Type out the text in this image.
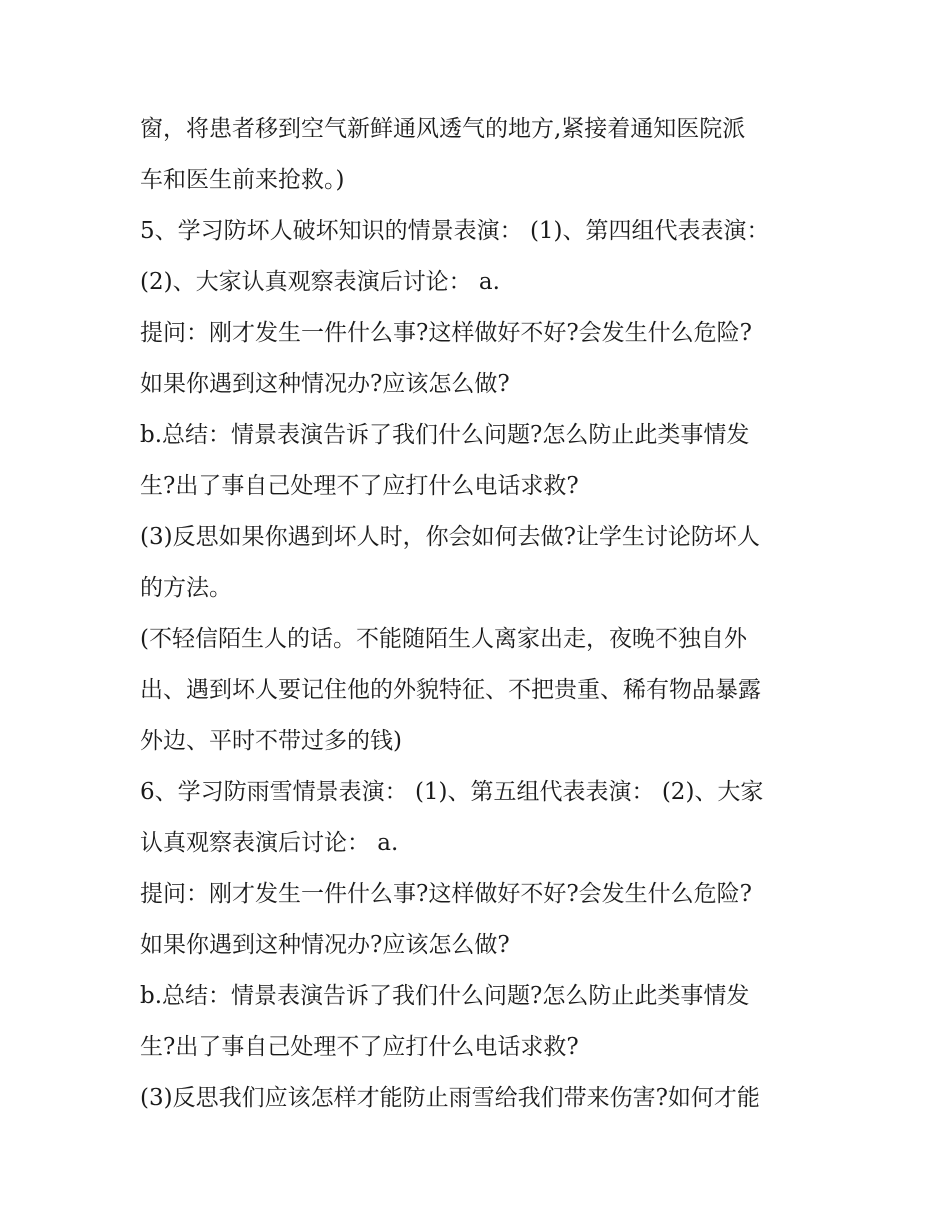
窗，将患者移到空气新鲜通风透气的地方,紧接着通知医院派
车和医生前来抢救。)
5、学习防坏人破坏知识的情景表演： (1)、第四组代表表演：
(2)、大家认真观察表演后讨论： a.
提问：刚才发生一件什么事?这样做好不好?会发生什么危险?
如果你遇到这种情况办?应该怎么做?
b.总结：情景表演告诉了我们什么问题?怎么防止此类事情发
生?出了事自己处理不了应打什么电话求救?
(3)反思如果你遇到坏人时，你会如何去做?让学生讨论防坏人
的方法。
(不轻信陌生人的话。不能随陌生人离家出走，夜晚不独自外
出、遇到坏人要记住他的外貌特征、不把贵重、稀有物品暴露
外边、平时不带过多的钱)
6、学习防雨雪情景表演： (1)、第五组代表表演： (2)、大家
认真观察表演后讨论： a.
提问：刚才发生一件什么事?这样做好不好?会发生什么危险?
如果你遇到这种情况办?应该怎么做?
b.总结：情景表演告诉了我们什么问题?怎么防止此类事情发
生?出了事自己处理不了应打什么电话求救?
(3)反思我们应该怎样才能防止雨雪给我们带来伤害?如何才能
